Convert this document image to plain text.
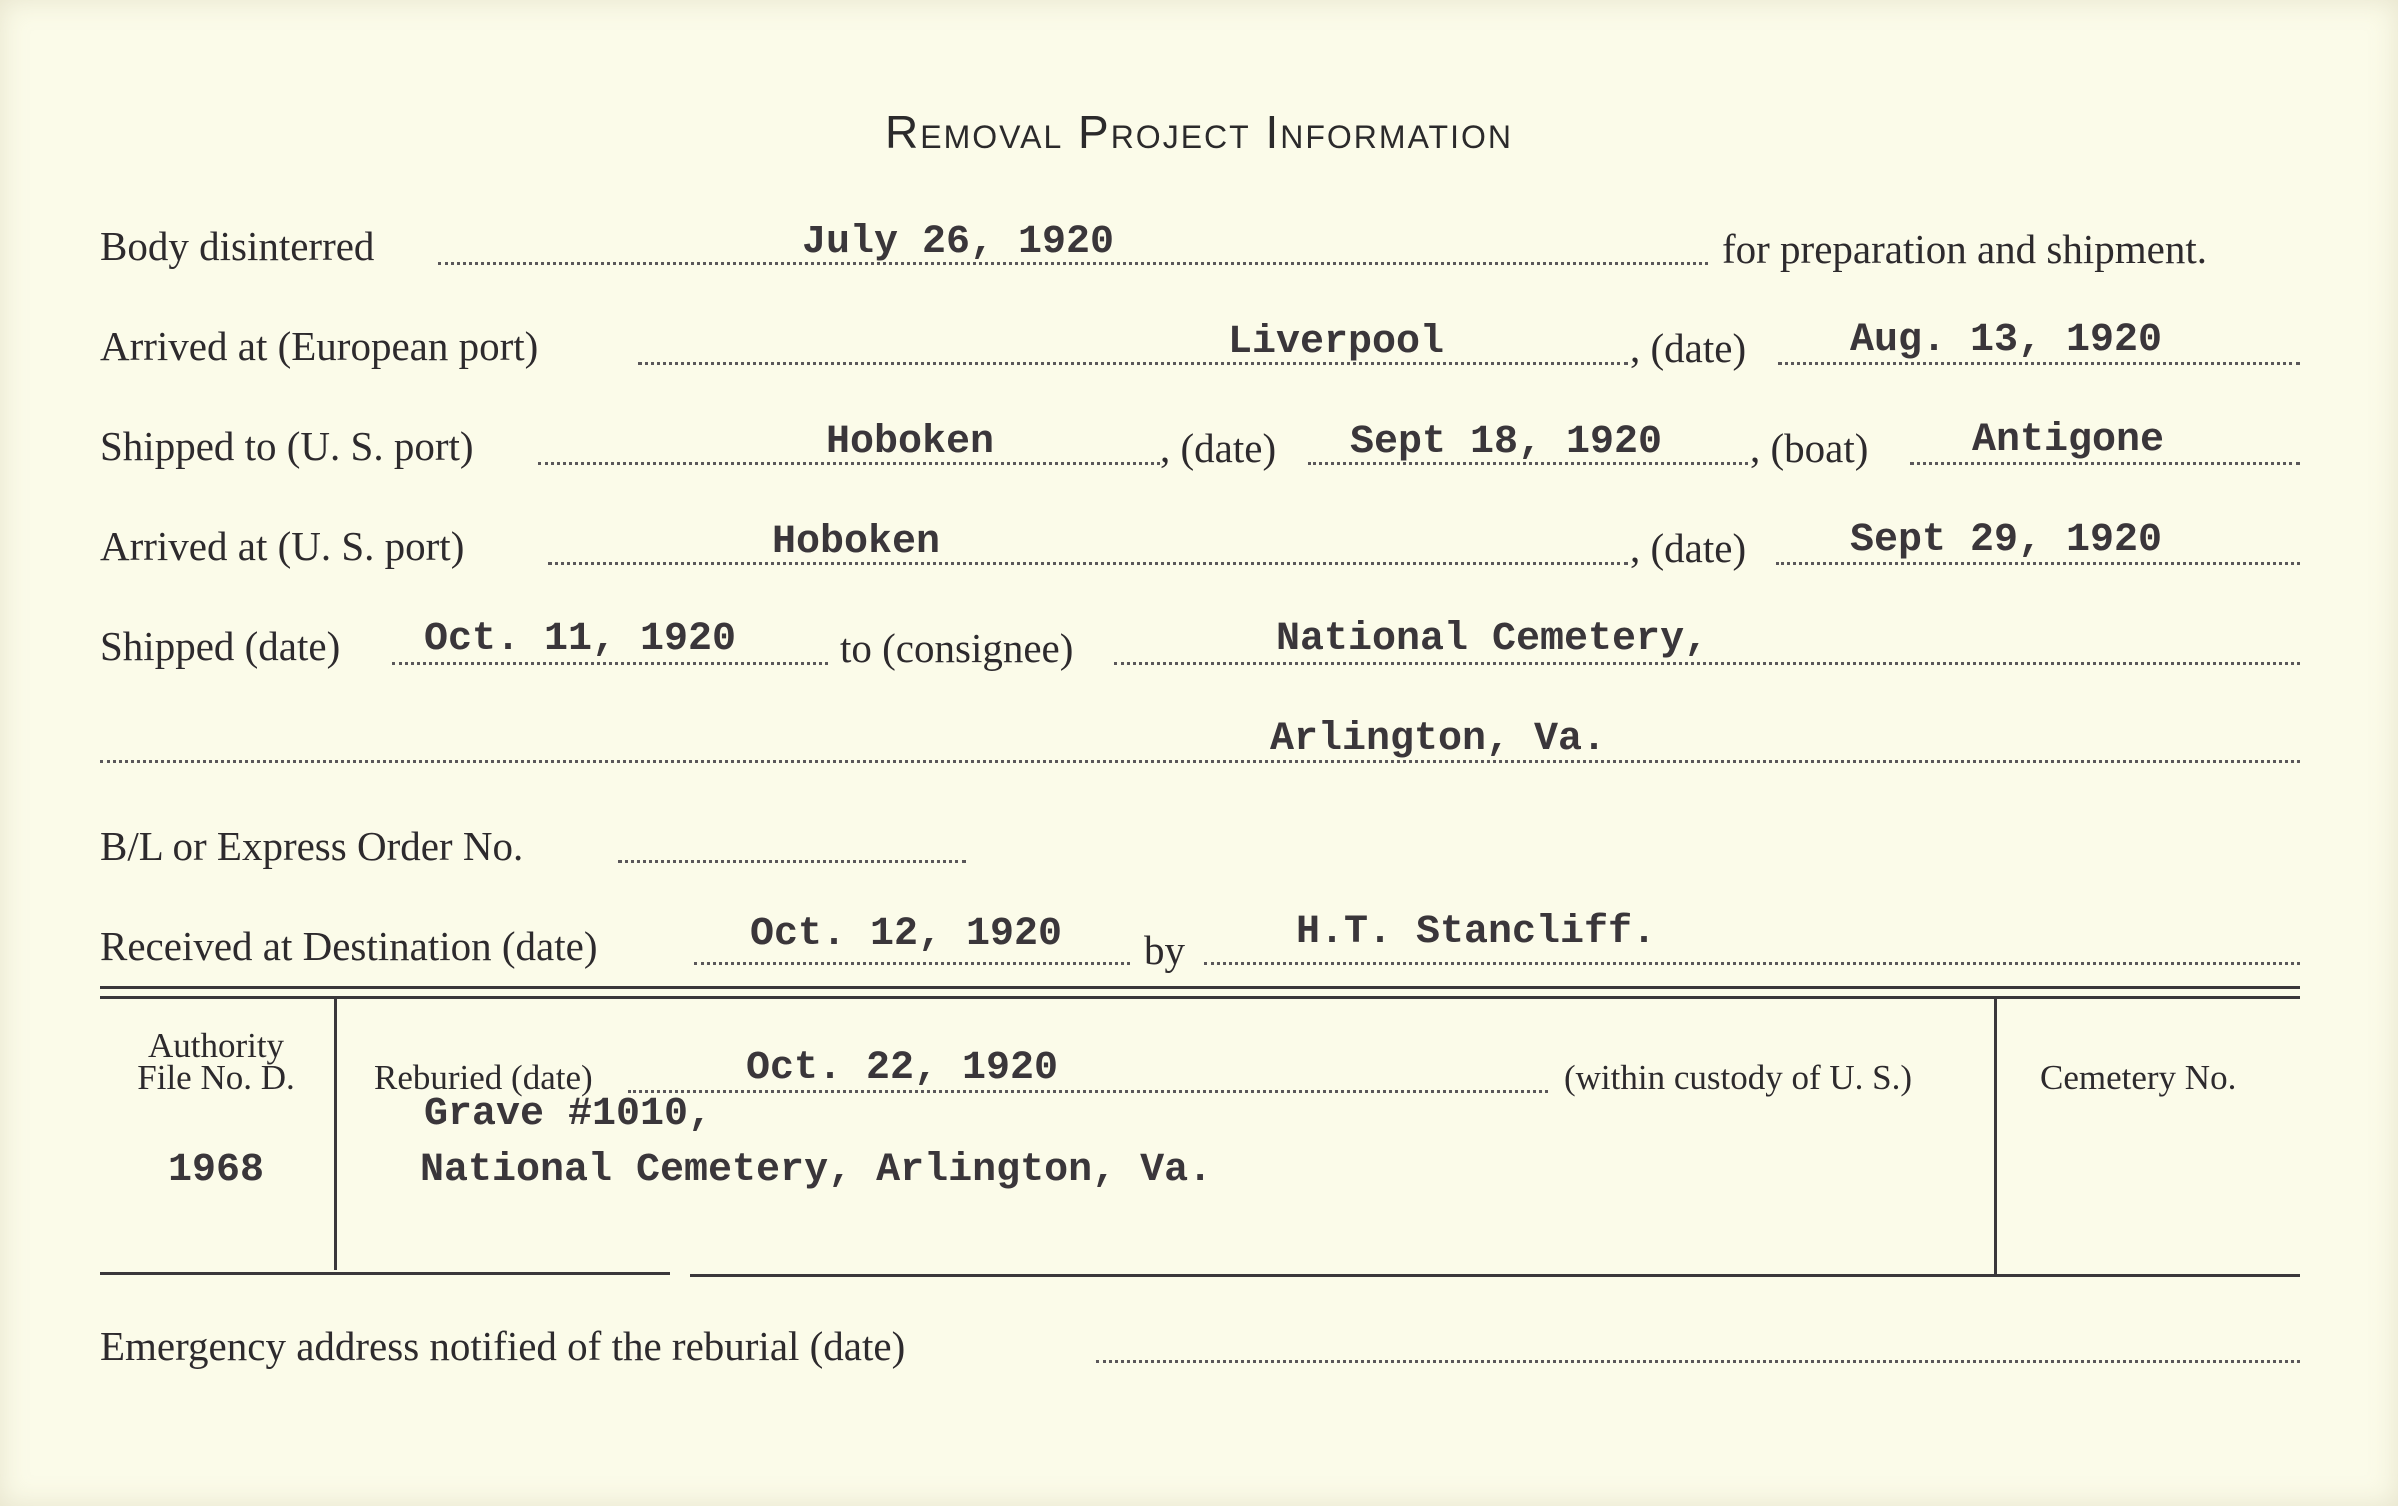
Removal Project Information
Body disinterred	July 26, 1920	for preparation and shipment.
Arrived at (European port)	Liverpool	, (date)	Aug. 13, 1920
Shipped to (U. S. port)	Hoboken	, (date) Sept 18, 1920 , (boat)	Antigone
Arrived at (U. S. port)	Hoboken	, (date)	Sept 29, 1920
Shipped (date) Oct. 11, 1920	to (consignee)	National Cemetery,
Arlington, Va.
B/L or Express Order No.
Received at Destination (date)	Oct. 12, 1920 by	H.T. Stancliff.
Authority
File No. D.
1968
Reburied (date)	Oct. 22, 1920	(within custody of U. S.)
Grave #1010,
National Cemetery, Arlington, Va.
Cemetery No.
Emergency address notified of the reburial (date)
